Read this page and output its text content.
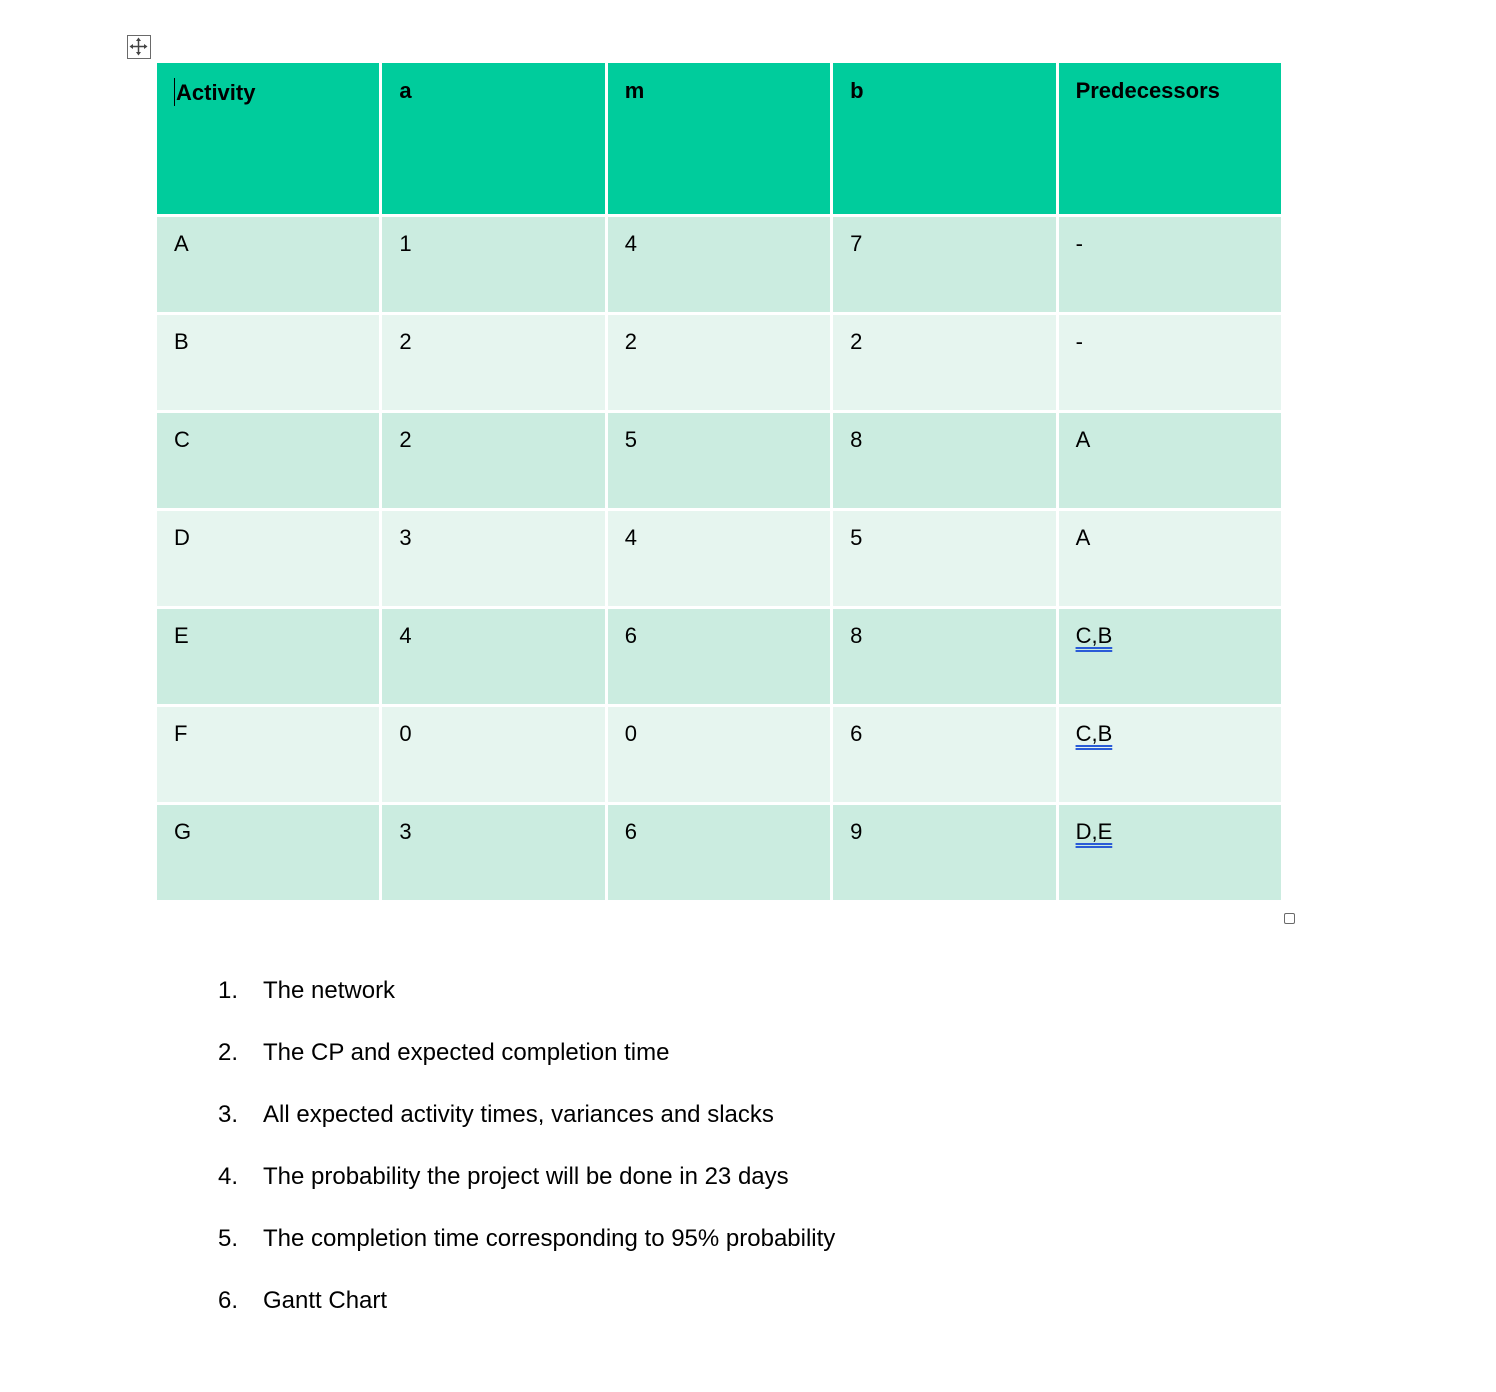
Activity	a	m	b	Predecessors
A	1	4	7	-
B	2	2	2	-
C	2	5	8	A
D	3	4	5	A
E	4	6	8	C,B
F	0	0	6	C,B
G	3	6	9	D,E
1. The network
2. The CP and expected completion time
3. All expected activity times, variances and slacks
4. The probability the project will be done in 23 days
5. The completion time corresponding to 95% probability
6. Gantt Chart
